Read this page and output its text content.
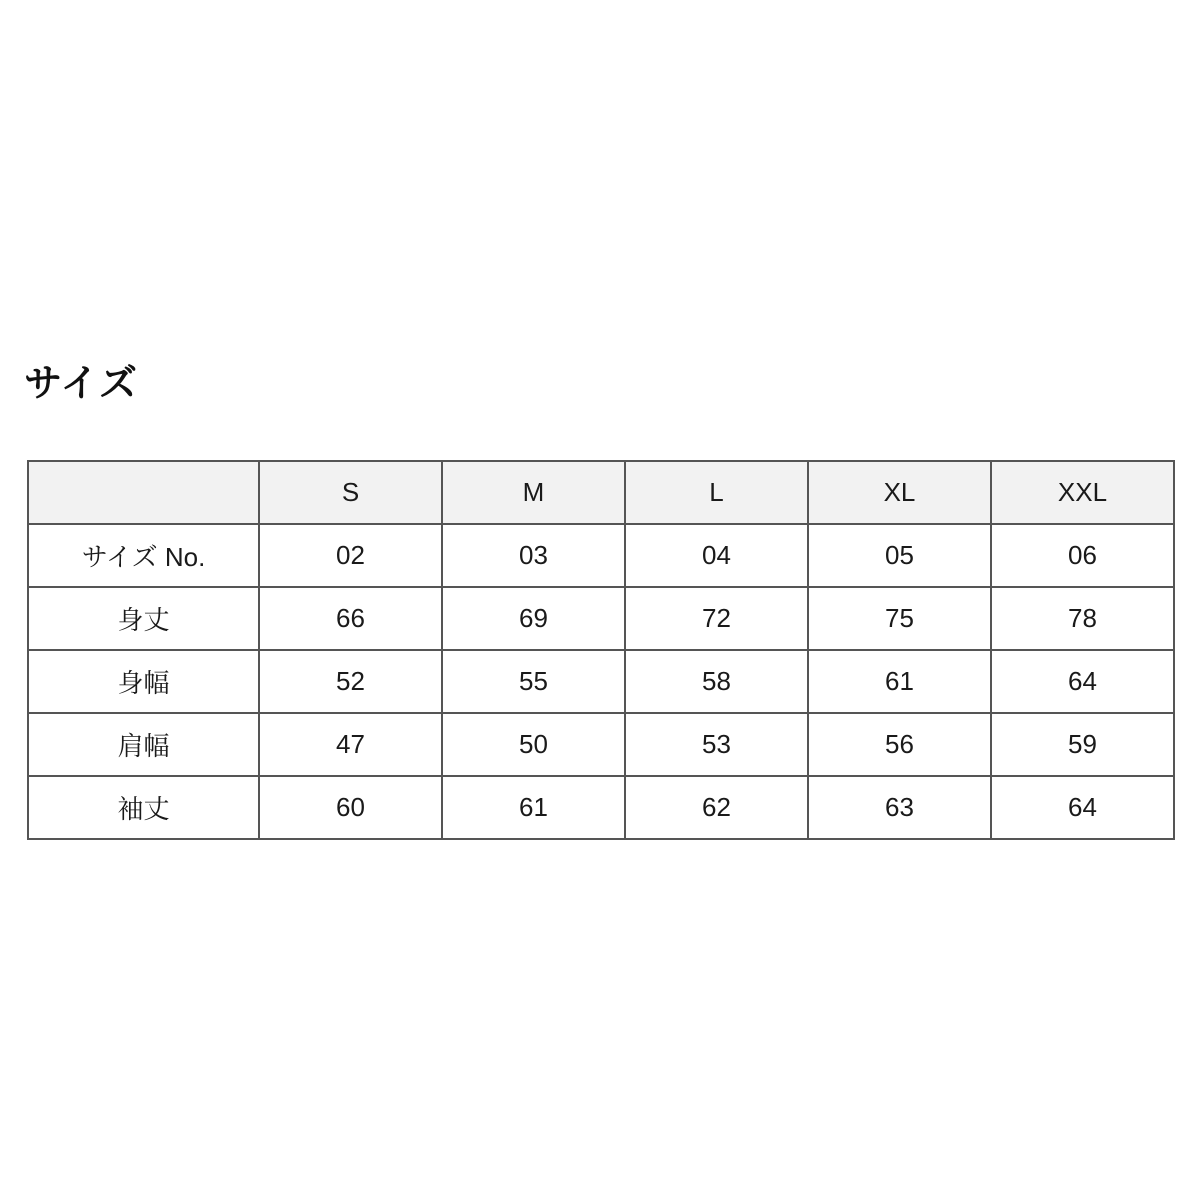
サイズ
	S	M	L	XL	XXL
サイズ No.	02	03	04	05	06
身丈	66	69	72	75	78
身幅	52	55	58	61	64
肩幅	47	50	53	56	59
袖丈	60	61	62	63	64
